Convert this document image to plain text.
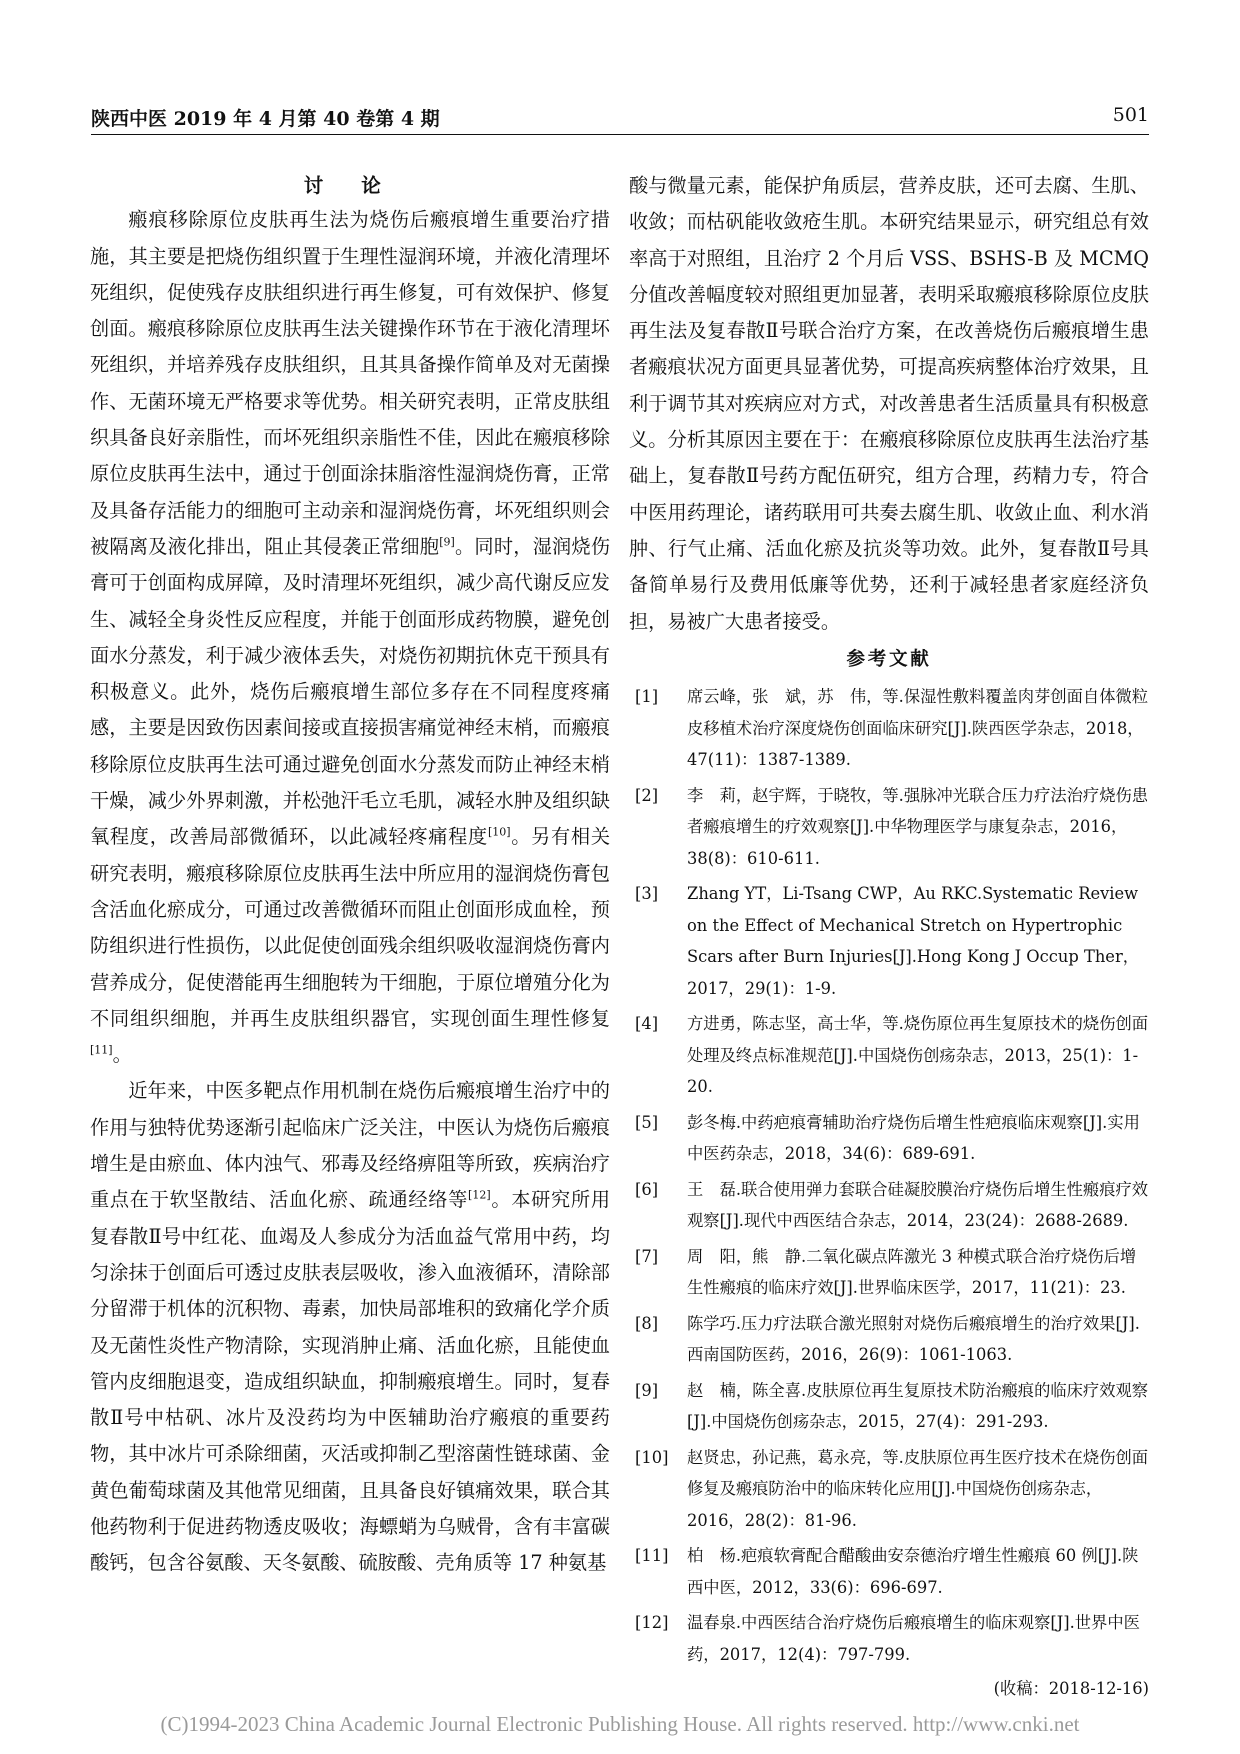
陕西中医 2019 年 4 月第 40 卷第 4 期	501
讨 论

瘢痕移除原位皮肤再生法为烧伤后瘢痕增生重要治疗措施，其主要是把烧伤组织置于生理性湿润环境，并液化清理坏死组织，促使残存皮肤组织进行再生修复，可有效保护、修复创面。瘢痕移除原位皮肤再生法关键操作环节在于液化清理坏死组织，并培养残存皮肤组织，且其具备操作简单及对无菌操作、无菌环境无严格要求等优势。相关研究表明，正常皮肤组织具备良好亲脂性，而坏死组织亲脂性不佳，因此在瘢痕移除原位皮肤再生法中，通过于创面涂抹脂溶性湿润烧伤膏，正常及具备存活能力的细胞可主动亲和湿润烧伤膏，坏死组织则会被隔离及液化排出，阻止其侵袭正常细胞[9]。同时，湿润烧伤膏可于创面构成屏障，及时清理坏死组织，减少高代谢反应发生、减轻全身炎性反应程度，并能于创面形成药物膜，避免创面水分蒸发，利于减少液体丢失，对烧伤初期抗休克干预具有积极意义。此外，烧伤后瘢痕增生部位多存在不同程度疼痛感，主要是因致伤因素间接或直接损害痛觉神经末梢，而瘢痕移除原位皮肤再生法可通过避免创面水分蒸发而防止神经末梢干燥，减少外界刺激，并松弛汗毛立毛肌，减轻水肿及组织缺氧程度，改善局部微循环，以此减轻疼痛程度[10]。另有相关研究表明，瘢痕移除原位皮肤再生法中所应用的湿润烧伤膏包含活血化瘀成分，可通过改善微循环而阻止创面形成血栓，预防组织进行性损伤，以此促使创面残余组织吸收湿润烧伤膏内营养成分，促使潜能再生细胞转为干细胞，于原位增殖分化为不同组织细胞，并再生皮肤组织器官，实现创面生理性修复[11]。

近年来，中医多靶点作用机制在烧伤后瘢痕增生治疗中的作用与独特优势逐渐引起临床广泛关注，中医认为烧伤后瘢痕增生是由瘀血、体内浊气、邪毒及经络痹阻等所致，疾病治疗重点在于软坚散结、活血化瘀、疏通经络等[12]。本研究所用复春散Ⅱ号中红花、血竭及人参成分为活血益气常用中药，均匀涂抹于创面后可透过皮肤表层吸收，渗入血液循环，清除部分留滞于机体的沉积物、毒素，加快局部堆积的致痛化学介质及无菌性炎性产物清除，实现消肿止痛、活血化瘀，且能使血管内皮细胞退变，造成组织缺血，抑制瘢痕增生。同时，复春散Ⅱ号中枯矾、冰片及没药均为中医辅助治疗瘢痕的重要药物，其中冰片可杀除细菌，灭活或抑制乙型溶菌性链球菌、金黄色葡萄球菌及其他常见细菌，且具备良好镇痛效果，联合其他药物利于促进药物透皮吸收；海螵蛸为乌贼骨，含有丰富碳酸钙，包含谷氨酸、天冬氨酸、硫胺酸、壳角质等 17 种氨基

酸与微量元素，能保护角质层，营养皮肤，还可去腐、生肌、收敛；而枯矾能收敛疮生肌。本研究结果显示，研究组总有效率高于对照组，且治疗 2 个月后 VSS、BSHS-B 及 MCMQ 分值改善幅度较对照组更加显著，表明采取瘢痕移除原位皮肤再生法及复春散Ⅱ号联合治疗方案，在改善烧伤后瘢痕增生患者瘢痕状况方面更具显著优势，可提高疾病整体治疗效果，且利于调节其对疾病应对方式，对改善患者生活质量具有积极意义。分析其原因主要在于：在瘢痕移除原位皮肤再生法治疗基础上，复春散Ⅱ号药方配伍研究，组方合理，药精力专，符合中医用药理论，诸药联用可共奏去腐生肌、收敛止血、利水消肿、行气止痛、活血化瘀及抗炎等功效。此外，复春散Ⅱ号具备简单易行及费用低廉等优势，还利于减轻患者家庭经济负担，易被广大患者接受。

参考文献
[1] 席云峰，张　斌，苏　伟，等.保湿性敷料覆盖肉芽创面自体微粒皮移植术治疗深度烧伤创面临床研究[J].陕西医学杂志，2018，47(11)：1387-1389.
[2] 李　莉，赵宇辉，于晓牧，等.强脉冲光联合压力疗法治疗烧伤患者瘢痕增生的疗效观察[J].中华物理医学与康复杂志，2016，38(8)：610-611.
[3] Zhang YT，Li-Tsang CWP，Au RKC.Systematic Review on the Effect of Mechanical Stretch on Hypertrophic Scars after Burn Injuries[J].Hong Kong J Occup Ther，2017，29(1)：1-9.
[4] 方进勇，陈志坚，高士华，等.烧伤原位再生复原技术的烧伤创面处理及终点标准规范[J].中国烧伤创疡杂志，2013，25(1)：1-20.
[5] 彭冬梅.中药疤痕膏辅助治疗烧伤后增生性疤痕临床观察[J].实用中医药杂志，2018，34(6)：689-691.
[6] 王　磊.联合使用弹力套联合硅凝胶膜治疗烧伤后增生性瘢痕疗效观察[J].现代中西医结合杂志，2014，23(24)：2688-2689.
[7] 周　阳，熊　静.二氧化碳点阵激光 3 种模式联合治疗烧伤后增生性瘢痕的临床疗效[J].世界临床医学，2017，11(21)：23.
[8] 陈学巧.压力疗法联合激光照射对烧伤后瘢痕增生的治疗效果[J].西南国防医药，2016，26(9)：1061-1063.
[9] 赵　楠，陈全喜.皮肤原位再生复原技术防治瘢痕的临床疗效观察[J].中国烧伤创疡杂志，2015，27(4)：291-293.
[10] 赵贤忠，孙记燕，葛永亮，等.皮肤原位再生医疗技术在烧伤创面修复及瘢痕防治中的临床转化应用[J].中国烧伤创疡杂志，2016，28(2)：81-96.
[11] 柏　杨.疤痕软膏配合醋酸曲安奈德治疗增生性瘢痕 60 例[J].陕西中医，2012，33(6)：696-697.
[12] 温春泉.中西医结合治疗烧伤后瘢痕增生的临床观察[J].世界中医药，2017，12(4)：797-799.
(收稿：2018-12-16)
(C)1994-2023 China Academic Journal Electronic Publishing House. All rights reserved. http://www.cnki.net
